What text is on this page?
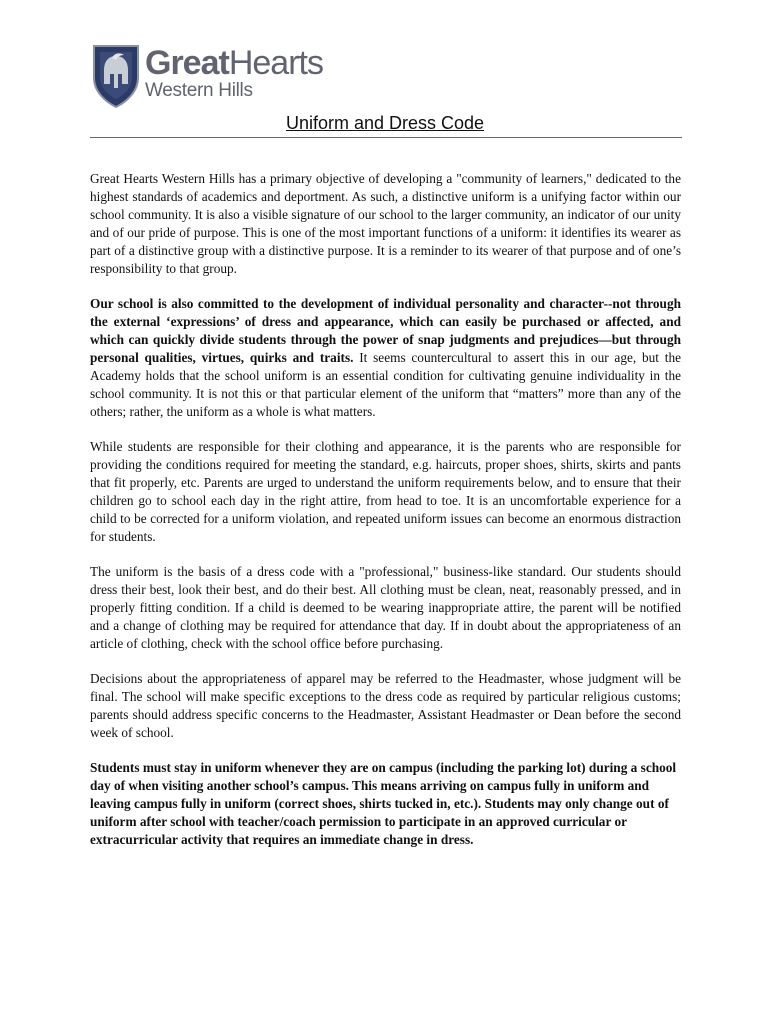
GreatHearts
Western Hills
Uniform and Dress Code

Great Hearts Western Hills has a primary objective of developing a "community of learners," dedicated to the highest standards of academics and deportment. As such, a distinctive uniform is a unifying factor within our school community. It is also a visible signature of our school to the larger community, an indicator of our unity and of our pride of purpose. This is one of the most important functions of a uniform: it identifies its wearer as part of a distinctive group with a distinctive purpose. It is a reminder to its wearer of that purpose and of one’s responsibility to that group.

Our school is also committed to the development of individual personality and character--not through the external ‘expressions’ of dress and appearance, which can easily be purchased or affected, and which can quickly divide students through the power of snap judgments and prejudices—but through personal qualities, virtues, quirks and traits. It seems countercultural to assert this in our age, but the Academy holds that the school uniform is an essential condition for cultivating genuine individuality in the school community. It is not this or that particular element of the uniform that “matters” more than any of the others; rather, the uniform as a whole is what matters.

While students are responsible for their clothing and appearance, it is the parents who are responsible for providing the conditions required for meeting the standard, e.g. haircuts, proper shoes, shirts, skirts and pants that fit properly, etc. Parents are urged to understand the uniform requirements below, and to ensure that their children go to school each day in the right attire, from head to toe. It is an uncomfortable experience for a child to be corrected for a uniform violation, and repeated uniform issues can become an enormous distraction for students.

The uniform is the basis of a dress code with a "professional," business-like standard. Our students should dress their best, look their best, and do their best. All clothing must be clean, neat, reasonably pressed, and in properly fitting condition. If a child is deemed to be wearing inappropriate attire, the parent will be notified and a change of clothing may be required for attendance that day. If in doubt about the appropriateness of an article of clothing, check with the school office before purchasing.

Decisions about the appropriateness of apparel may be referred to the Headmaster, whose judgment will be final. The school will make specific exceptions to the dress code as required by particular religious customs; parents should address specific concerns to the Headmaster, Assistant Headmaster or Dean before the second week of school.

Students must stay in uniform whenever they are on campus (including the parking lot) during a school day of when visiting another school’s campus. This means arriving on campus fully in uniform and leaving campus fully in uniform (correct shoes, shirts tucked in, etc.). Students may only change out of uniform after school with teacher/coach permission to participate in an approved curricular or extracurricular activity that requires an immediate change in dress.
